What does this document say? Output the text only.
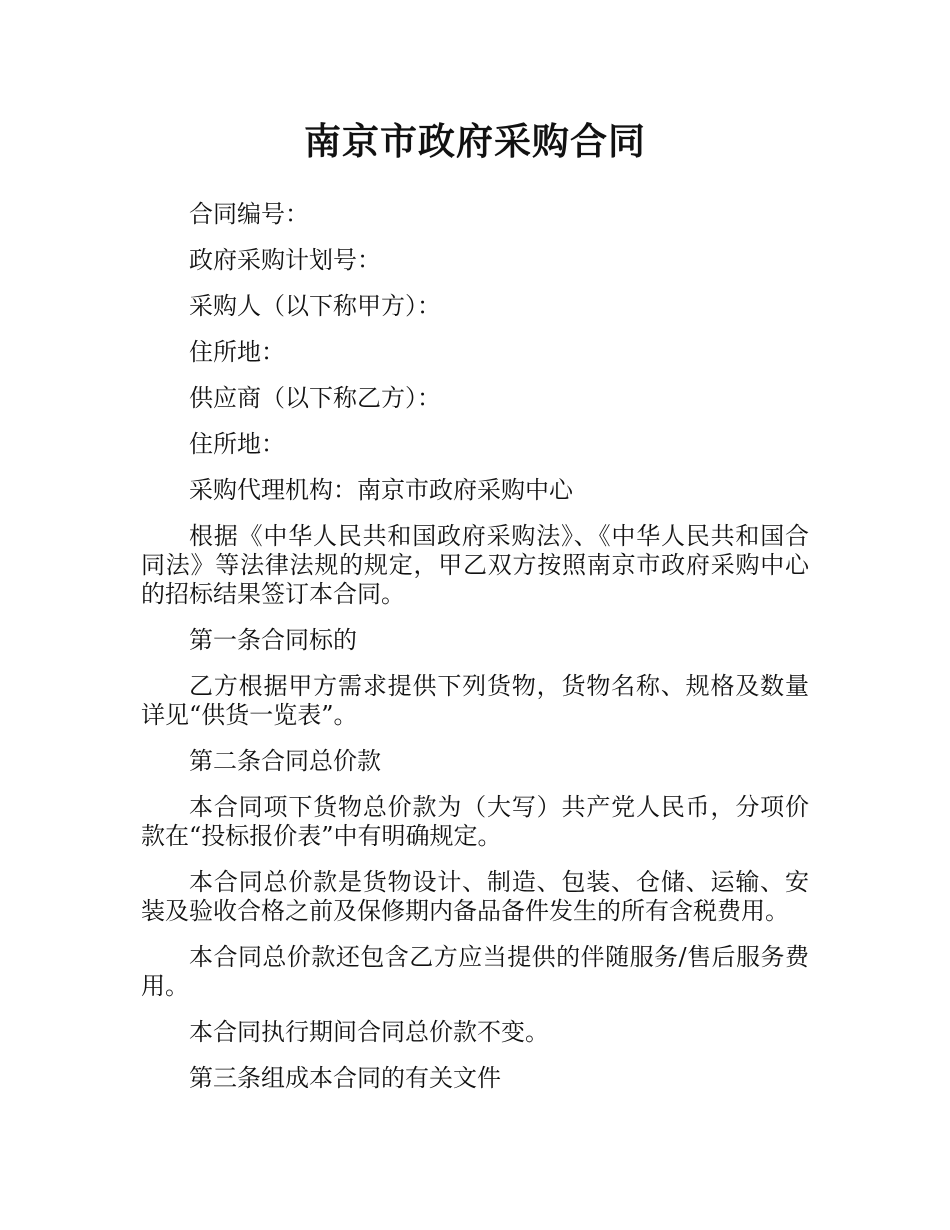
南京市政府采购合同

合同编号：

政府采购计划号：

采购人（以下称甲方）：

住所地：

供应商（以下称乙方）：

住所地：

采购代理机构：南京市政府采购中心

根据《中华人民共和国政府采购法》、《中华人民共和国合同法》等法律法规的规定，甲乙双方按照南京市政府采购中心的招标结果签订本合同。

第一条合同标的

乙方根据甲方需求提供下列货物，货物名称、规格及数量详见“供货一览表”。

第二条合同总价款

本合同项下货物总价款为（大写）共产党人民币，分项价款在“投标报价表”中有明确规定。

本合同总价款是货物设计、制造、包装、仓储、运输、安装及验收合格之前及保修期内备品备件发生的所有含税费用。

本合同总价款还包含乙方应当提供的伴随服务/售后服务费用。

本合同执行期间合同总价款不变。

第三条组成本合同的有关文件
